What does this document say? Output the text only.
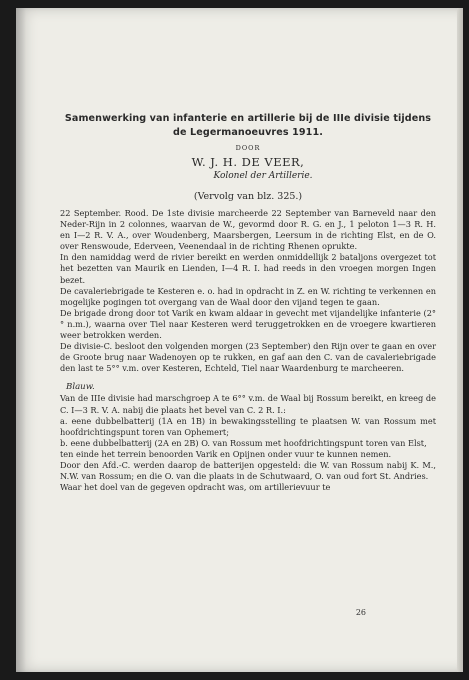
Samenwerking van infanterie en artillerie bij de IIIe divisie tijdens
de Legermanoeuvres 1911.
DOOR
W. J. H. DE VEER,
Kolonel der Artillerie.
(Vervolg van blz. 325.)

22 September. Rood. De 1ste divisie marcheerde 22 September van Barneveld naar den Neder-Rijn in 2 colonnes, waarvan de W., gevormd door R. G. en J., 1 peloton 1—3 R. H. en I—2 R. V. A., over Woudenberg, Maarsbergen, Leersum in de richting Elst, en de O. over Renswoude, Ederveen, Veenendaal in de richting Rhenen oprukte.
In den namiddag werd de rivier bereikt en werden onmiddellijk 2 bataljons overgezet tot het bezetten van Maurik en Lienden, I—4 R. I. had reeds in den vroegen morgen Ingen bezet.
De cavaleriebrigade te Kesteren e. o. had in opdracht in Z. en W. richting te verkennen en mogelijke pogingen tot overgang van de Waal door den vijand tegen te gaan.
De brigade drong door tot Varik en kwam aldaar in gevecht met vijandelijke infanterie (2°° n.m.), waarna over Tiel naar Kesteren werd teruggetrokken en de vroegere kwartieren weer betrokken werden.
De divisie-C. besloot den volgenden morgen (23 September) den Rijn over te gaan en over de Groote brug naar Wadenoyen op te rukken, en gaf aan den C. van de cavaleriebrigade den last te 5°° v.m. over Kesteren, Echteld, Tiel naar Waardenburg te marcheeren.

Blauw.

Van de IIIe divisie had marschgroep A te 6°° v.m. de Waal bij Rossum bereikt, en kreeg de C. I—3 R. V. A. nabij die plaats het bevel van C. 2 R. I.:
a. eene dubbelbatterij (1A en 1B) in bewakingsstelling te plaatsen W. van Rossum met hoofdrichtingspunt toren van Ophemert;
b. eene dubbelbatterij (2A en 2B) O. van Rossum met hoofdrichtingspunt toren van Elst,
ten einde het terrein benoorden Varik en Opijnen onder vuur te kunnen nemen.
Door den Afd.-C. werden daarop de batterijen opgesteld: die W. van Rossum nabij K. M., N.W. van Rossum; en die O. van die plaats in de Schutwaard, O. van oud fort St. Andries.
Waar het doel van de gegeven opdracht was, om artillerievuur te

26
